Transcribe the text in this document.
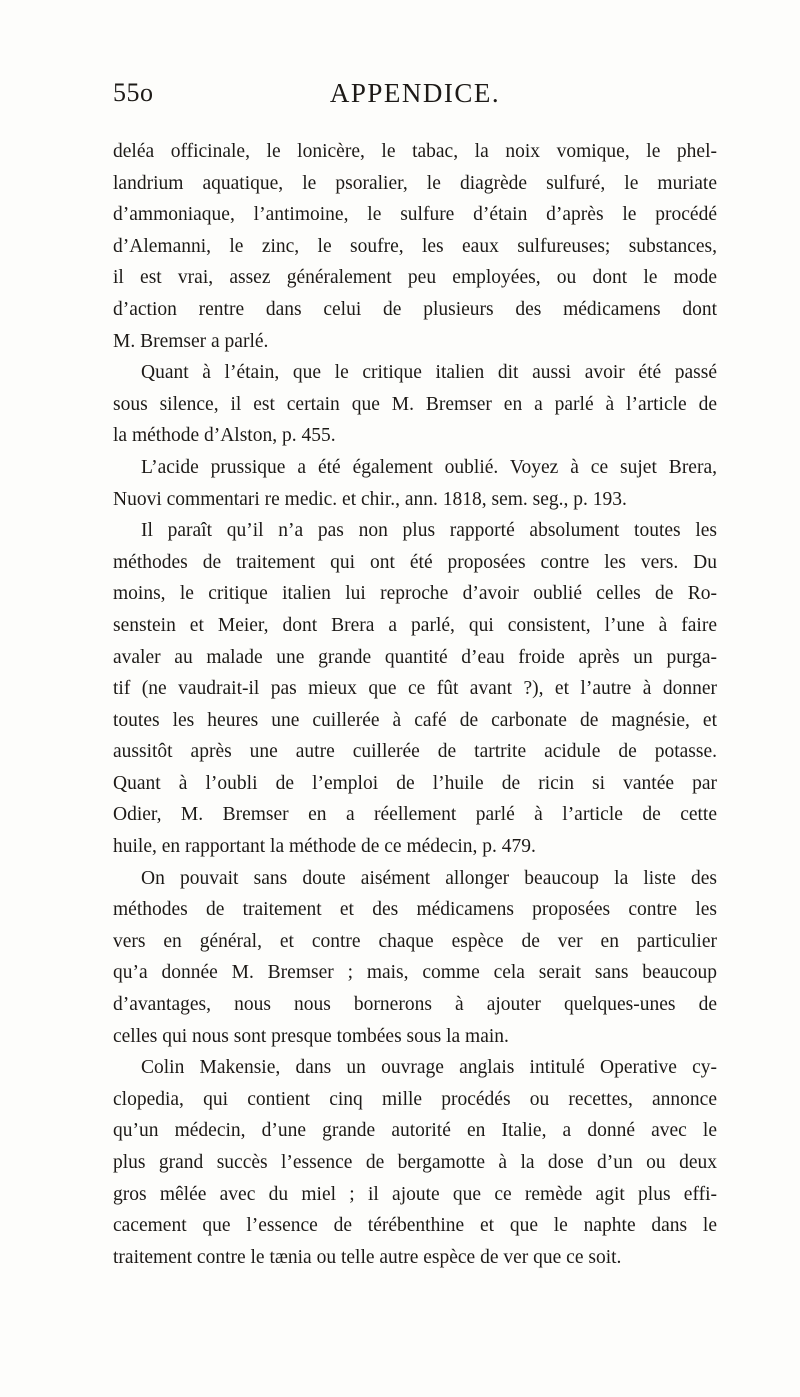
55o	APPENDICE.
deléa officinale, le lonicère, le tabac, la noix vomique, le phel-
landrium aquatique, le psoralier, le diagrède sulfuré, le muriate
d’ammoniaque, l’antimoine, le sulfure d’étain d’après le procédé
d’Alemanni, le zinc, le soufre, les eaux sulfureuses; substances,
il est vrai, assez généralement peu employées, ou dont le mode
d’action rentre dans celui de plusieurs des médicamens dont
M. Bremser a parlé.
Quant à l’étain, que le critique italien dit aussi avoir été passé
sous silence, il est certain que M. Bremser en a parlé à l’article de
la méthode d’Alston, p. 455.
L’acide prussique a été également oublié. Voyez à ce sujet Brera,
Nuovi commentari re medic. et chir., ann. 1818, sem. seg., p. 193.
Il paraît qu’il n’a pas non plus rapporté absolument toutes les
méthodes de traitement qui ont été proposées contre les vers. Du
moins, le critique italien lui reproche d’avoir oublié celles de Ro-
senstein et Meier, dont Brera a parlé, qui consistent, l’une à faire
avaler au malade une grande quantité d’eau froide après un purga-
tif (ne vaudrait-il pas mieux que ce fût avant ?), et l’autre à donner
toutes les heures une cuillerée à café de carbonate de magnésie, et
aussitôt après une autre cuillerée de tartrite acidule de potasse.
Quant à l’oubli de l’emploi de l’huile de ricin si vantée par
Odier, M. Bremser en a réellement parlé à l’article de cette
huile, en rapportant la méthode de ce médecin, p. 479.
On pouvait sans doute aisément allonger beaucoup la liste des
méthodes de traitement et des médicamens proposées contre les
vers en général, et contre chaque espèce de ver en particulier
qu’a donnée M. Bremser ; mais, comme cela serait sans beaucoup
d’avantages, nous nous bornerons à ajouter quelques-unes de
celles qui nous sont presque tombées sous la main.
Colin Makensie, dans un ouvrage anglais intitulé Operative cy-
clopedia, qui contient cinq mille procédés ou recettes, annonce
qu’un médecin, d’une grande autorité en Italie, a donné avec le
plus grand succès l’essence de bergamotte à la dose d’un ou deux
gros mêlée avec du miel ; il ajoute que ce remède agit plus effi-
cacement que l’essence de térébenthine et que le naphte dans le
traitement contre le tænia ou telle autre espèce de ver que ce soit.
